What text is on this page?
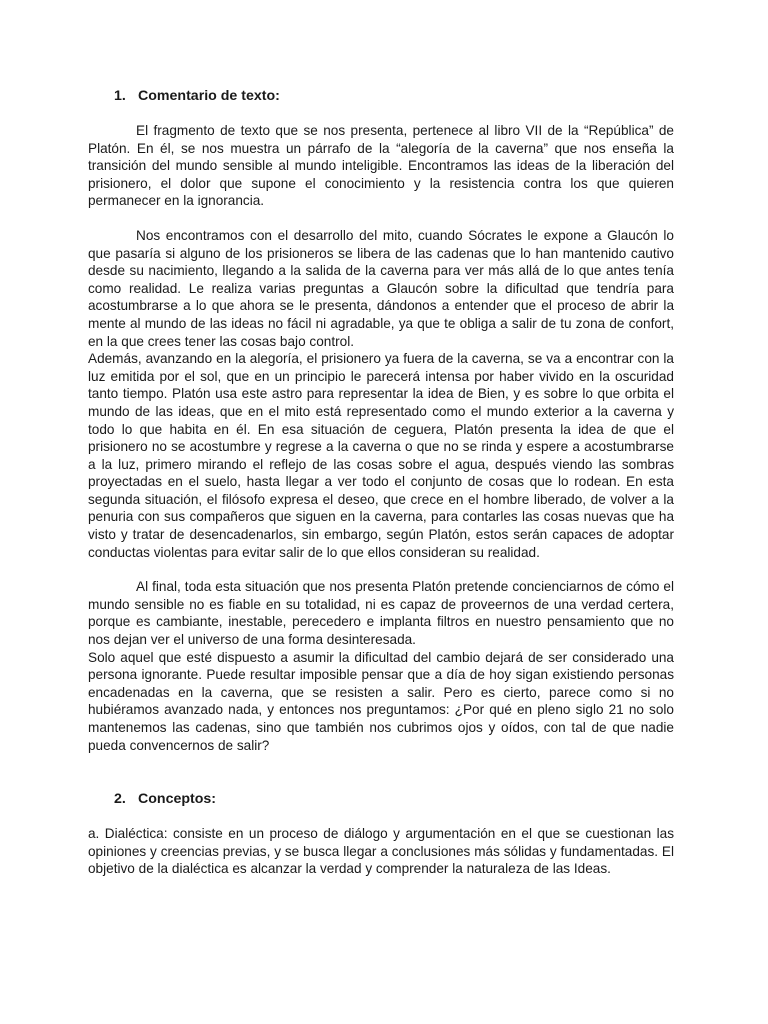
1. Comentario de texto:

El fragmento de texto que se nos presenta, pertenece al libro VII de la “República” de Platón. En él, se nos muestra un párrafo de la “alegoría de la caverna” que nos enseña la transición del mundo sensible al mundo inteligible. Encontramos las ideas de la liberación del prisionero, el dolor que supone el conocimiento y la resistencia contra los que quieren permanecer en la ignorancia.

Nos encontramos con el desarrollo del mito, cuando Sócrates le expone a Glaucón lo que pasaría si alguno de los prisioneros se libera de las cadenas que lo han mantenido cautivo desde su nacimiento, llegando a la salida de la caverna para ver más allá de lo que antes tenía como realidad. Le realiza varias preguntas a Glaucón sobre la dificultad que tendría para acostumbrarse a lo que ahora se le presenta, dándonos a entender que el proceso de abrir la mente al mundo de las ideas no fácil ni agradable, ya que te obliga a salir de tu zona de confort, en la que crees tener las cosas bajo control.

Además, avanzando en la alegoría, el prisionero ya fuera de la caverna, se va a encontrar con la luz emitida por el sol, que en un principio le parecerá intensa por haber vivido en la oscuridad tanto tiempo. Platón usa este astro para representar la idea de Bien, y es sobre lo que orbita el mundo de las ideas, que en el mito está representado como el mundo exterior a la caverna y todo lo que habita en él. En esa situación de ceguera, Platón presenta la idea de que el prisionero no se acostumbre y regrese a la caverna o que no se rinda y espere a acostumbrarse a la luz, primero mirando el reflejo de las cosas sobre el agua, después viendo las sombras proyectadas en el suelo, hasta llegar a ver todo el conjunto de cosas que lo rodean. En esta segunda situación, el filósofo expresa el deseo, que crece en el hombre liberado, de volver a la penuria con sus compañeros que siguen en la caverna, para contarles las cosas nuevas que ha visto y tratar de desencadenarlos, sin embargo, según Platón, estos serán capaces de adoptar conductas violentas para evitar salir de lo que ellos consideran su realidad.

Al final, toda esta situación que nos presenta Platón pretende concienciarnos de cómo el mundo sensible no es fiable en su totalidad, ni es capaz de proveernos de una verdad certera, porque es cambiante, inestable, perecedero e implanta filtros en nuestro pensamiento que no nos dejan ver el universo de una forma desinteresada.

Solo aquel que esté dispuesto a asumir la dificultad del cambio dejará de ser considerado una persona ignorante. Puede resultar imposible pensar que a día de hoy sigan existiendo personas encadenadas en la caverna, que se resisten a salir. Pero es cierto, parece como si no hubiéramos avanzado nada, y entonces nos preguntamos: ¿Por qué en pleno siglo 21 no solo mantenemos las cadenas, sino que también nos cubrimos ojos y oídos, con tal de que nadie pueda convencernos de salir?

2. Conceptos:

a. Dialéctica: consiste en un proceso de diálogo y argumentación en el que se cuestionan las opiniones y creencias previas, y se busca llegar a conclusiones más sólidas y fundamentadas. El objetivo de la dialéctica es alcanzar la verdad y comprender la naturaleza de las Ideas.
